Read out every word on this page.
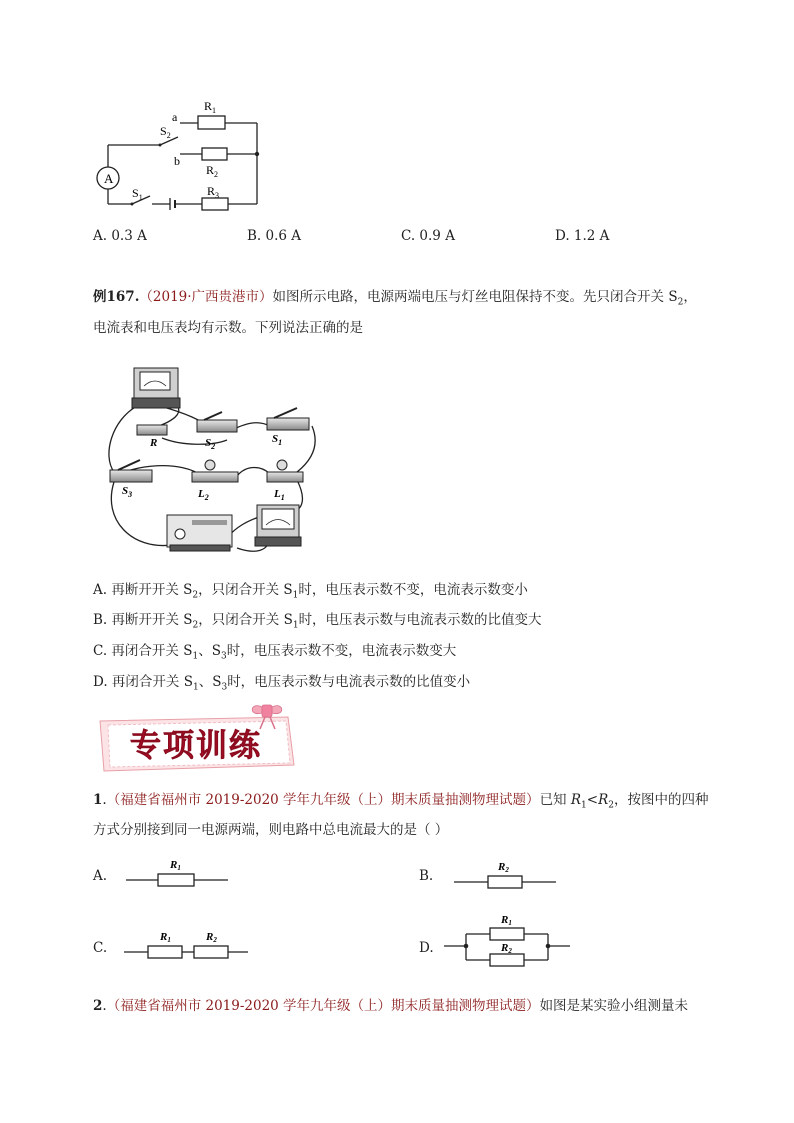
A
a
b
$S_2$
$S_1$
$R_1$
$R_2$
$R_3$
A. 0.3 A	B. 0.6 A	C. 0.9 A	D. 1.2 A
例167.（2019·广西贵港市）如图所示电路，电源两端电压与灯丝电阻保持不变。先只闭合开关 $S_2$，
电流表和电压表均有示数。下列说法正确的是
R	$S_2$
$S_1$
$S_3$	$L_2$	$L_1$
A. 再断开开关 $S_2$，只闭合开关 $S_1$时，电压表示数不变，电流表示数变小
B. 再断开开关 $S_2$，只闭合开关 $S_1$时，电压表示数与电流表示数的比值变大
C. 再闭合开关 $S_1$、$S_3$时，电压表示数不变，电流表示数变大
D. 再闭合开关 $S_1$、$S_3$时，电压表示数与电流表示数的比值变小
专项训练
1.（福建省福州市 2019-2020 学年九年级（上）期末质量抽测物理试题）已知 $R_1<R_2$，按图中的四种
方式分别接到同一电源两端，则电路中总电流最大的是（ ）
A.
R1	B.
R2
C.
R1	R2	D.
R1
R2
2.（福建省福州市 2019-2020 学年九年级（上）期末质量抽测物理试题）如图是某实验小组测量未
